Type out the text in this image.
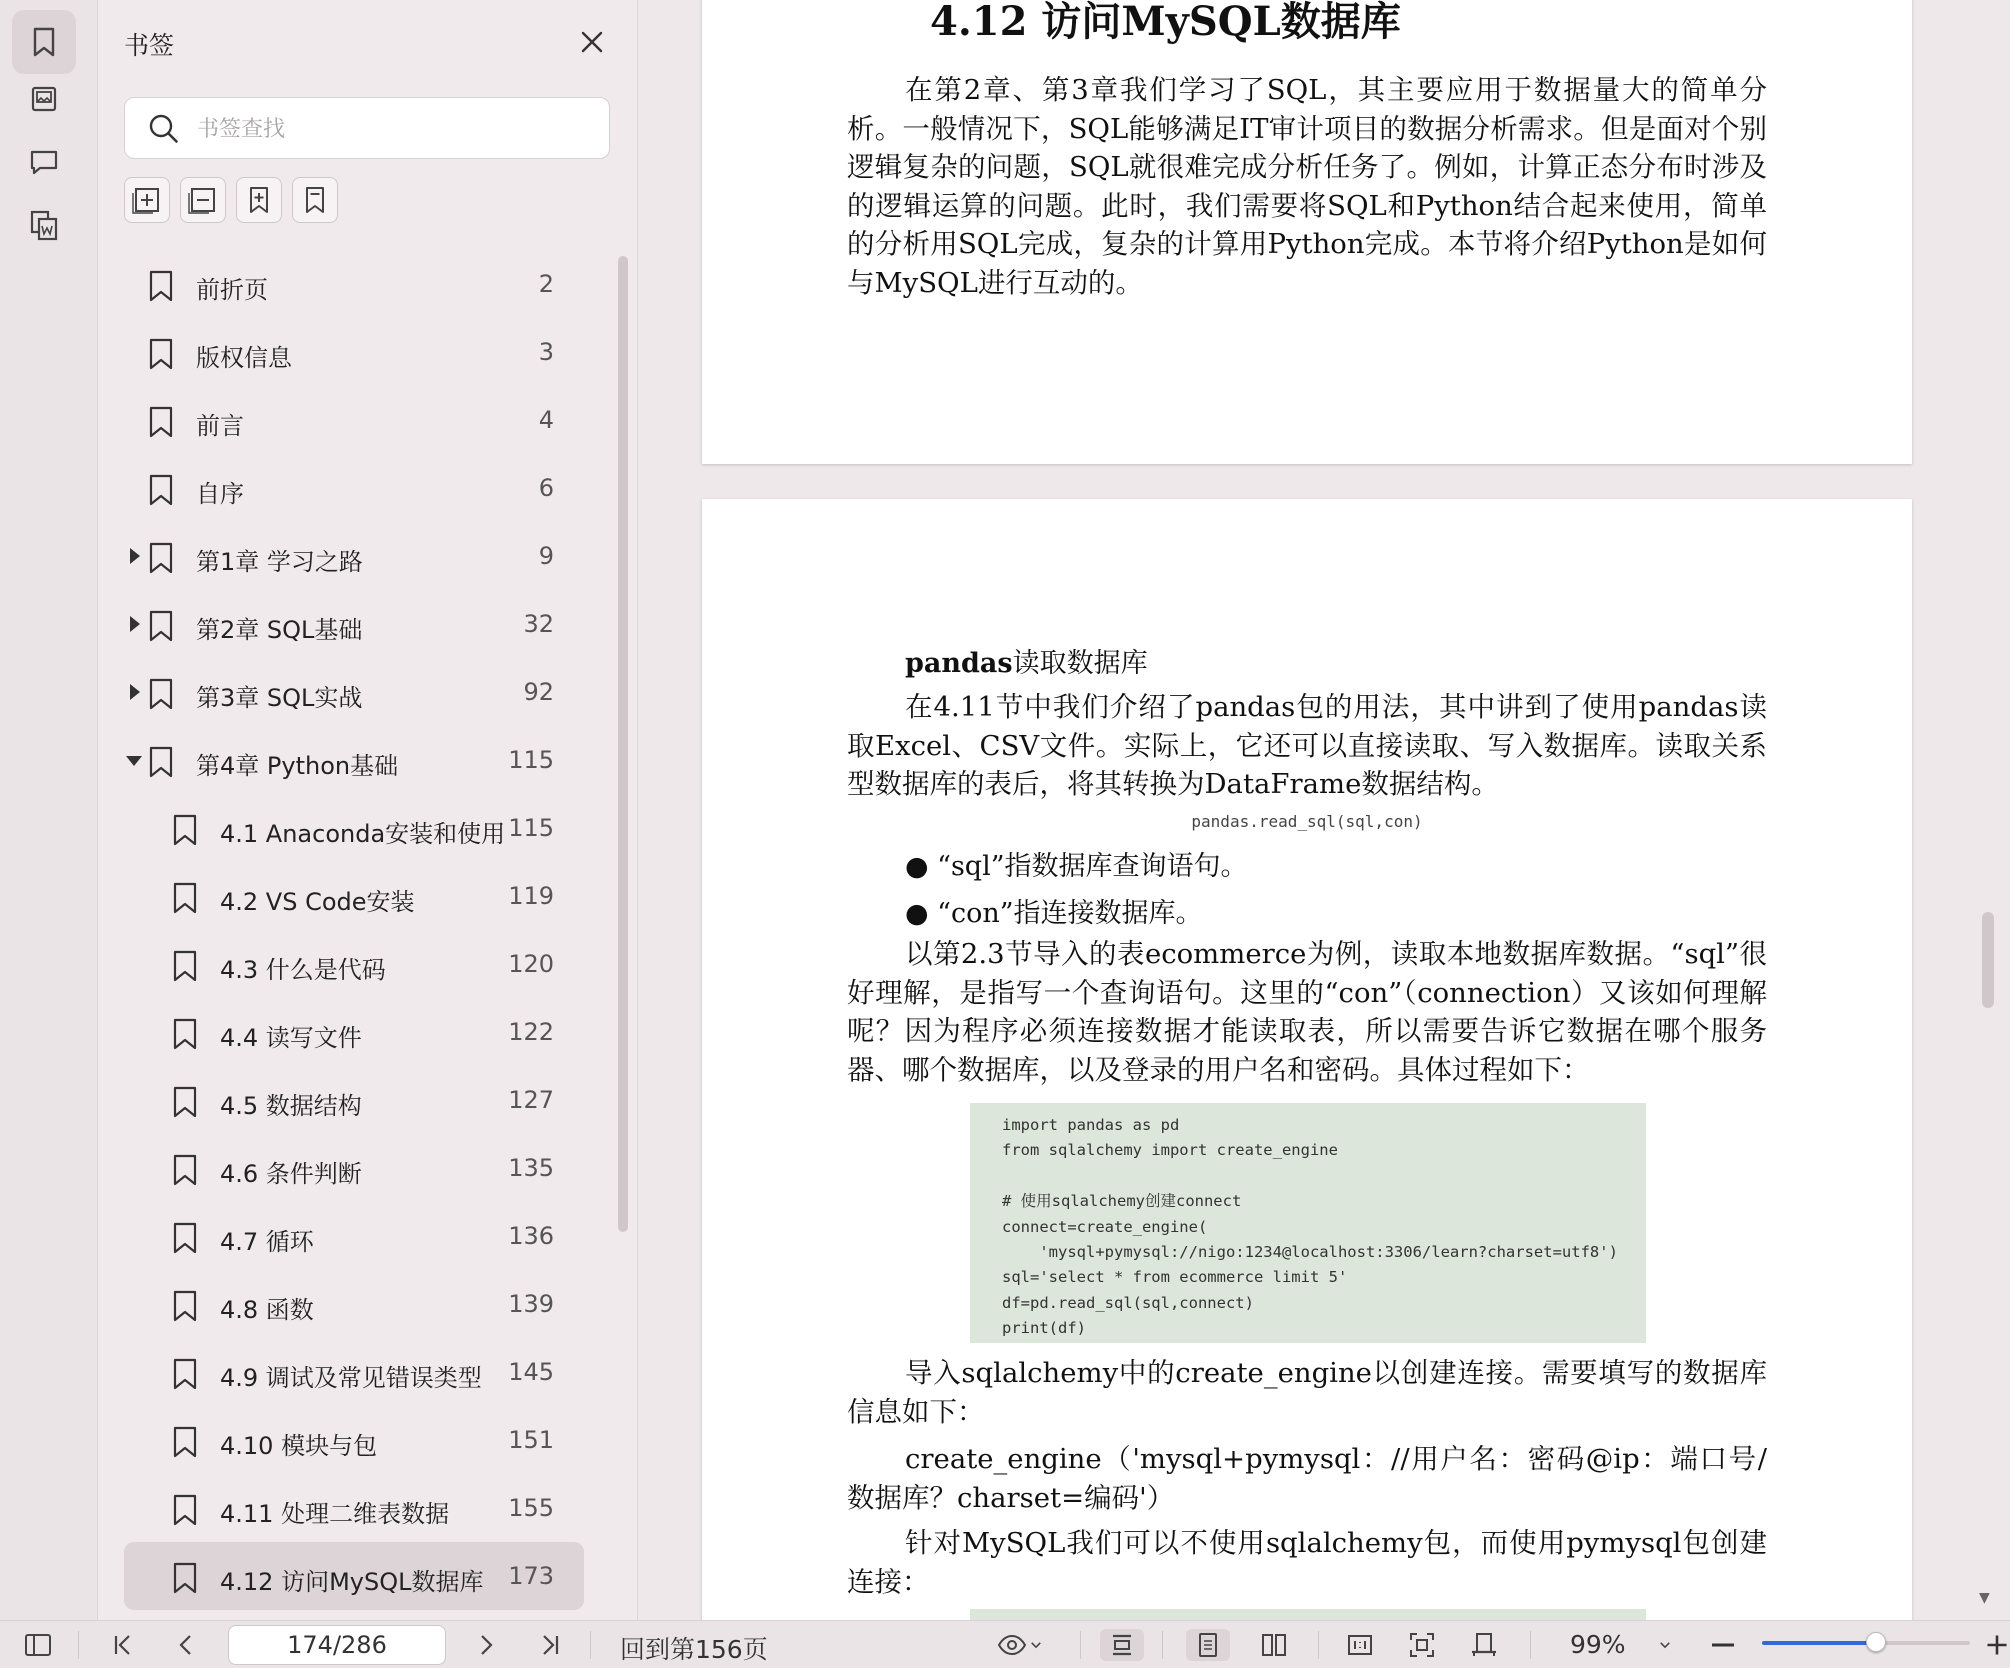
书签
书签查找
前折页	2
版权信息	3
前言	4
自序	6
第1章 学习之路	9
第2章 SQL基础	32
第3章 SQL实战	92
第4章 Python基础	115
4.1 Anaconda安装和使用 115
4.2 VS Code安装	119
4.3 什么是代码	120
4.4 读写文件	122
4.5 数据结构	127
4.6 条件判断	135
4.7 循环	136
4.8 函数	139
4.9 调试及常见错误类型 145
4.10 模块与包	151
4.11 处理二维表数据 155
4.12 访问MySQL数据库 173
4.12 访问MySQL数据库
在第2章、第3章我们学习了SQL，其主要应用于数据量大的简单分析。一般情况下，SQL能够满足IT审计项目的数据分析需求。但是面对个别逻辑复杂的问题，SQL就很难完成分析任务了。例如，计算正态分布时涉及的逻辑运算的问题。此时，我们需要将SQL和Python结合起来使用，简单的分析用SQL完成，复杂的计算用Python完成。本节将介绍Python是如何与MySQL进行互动的。
pandas读取数据库
在4.11节中我们介绍了pandas包的用法，其中讲到了使用pandas读取Excel、CSV文件。实际上，它还可以直接读取、写入数据库。读取关系型数据库的表后，将其转换为DataFrame数据结构。
pandas.read_sql(sql,con)
● “sql”指数据库查询语句。
● “con”指连接数据库。
以第2.3节导入的表ecommerce为例，读取本地数据库数据。“sql”很好理解，是指写一个查询语句。这里的“con”（connection）又该如何理解呢？因为程序必须连接数据才能读取表，所以需要告诉它数据在哪个服务器、哪个数据库，以及登录的用户名和密码。具体过程如下：
import pandas as pd
from sqlalchemy import create_engine
# 使用sqlalchemy创建connect
connect=create_engine(
'mysql+pymysql://nigo:1234@localhost:3306/learn?charset=utf8')
sql='select * from ecommerce limit 5'
df=pd.read_sql(sql,connect)
print(df)
导入sqlalchemy中的create_engine以创建连接。需要填写的数据库信息如下：
create_engine（'mysql+pymysql：//用户名：密码@ip：端口号/数据库？charset=编码'）
针对MySQL我们可以不使用sqlalchemy包，而使用pymysql包创建连接：
▼
174/286	回到第156页	99%
